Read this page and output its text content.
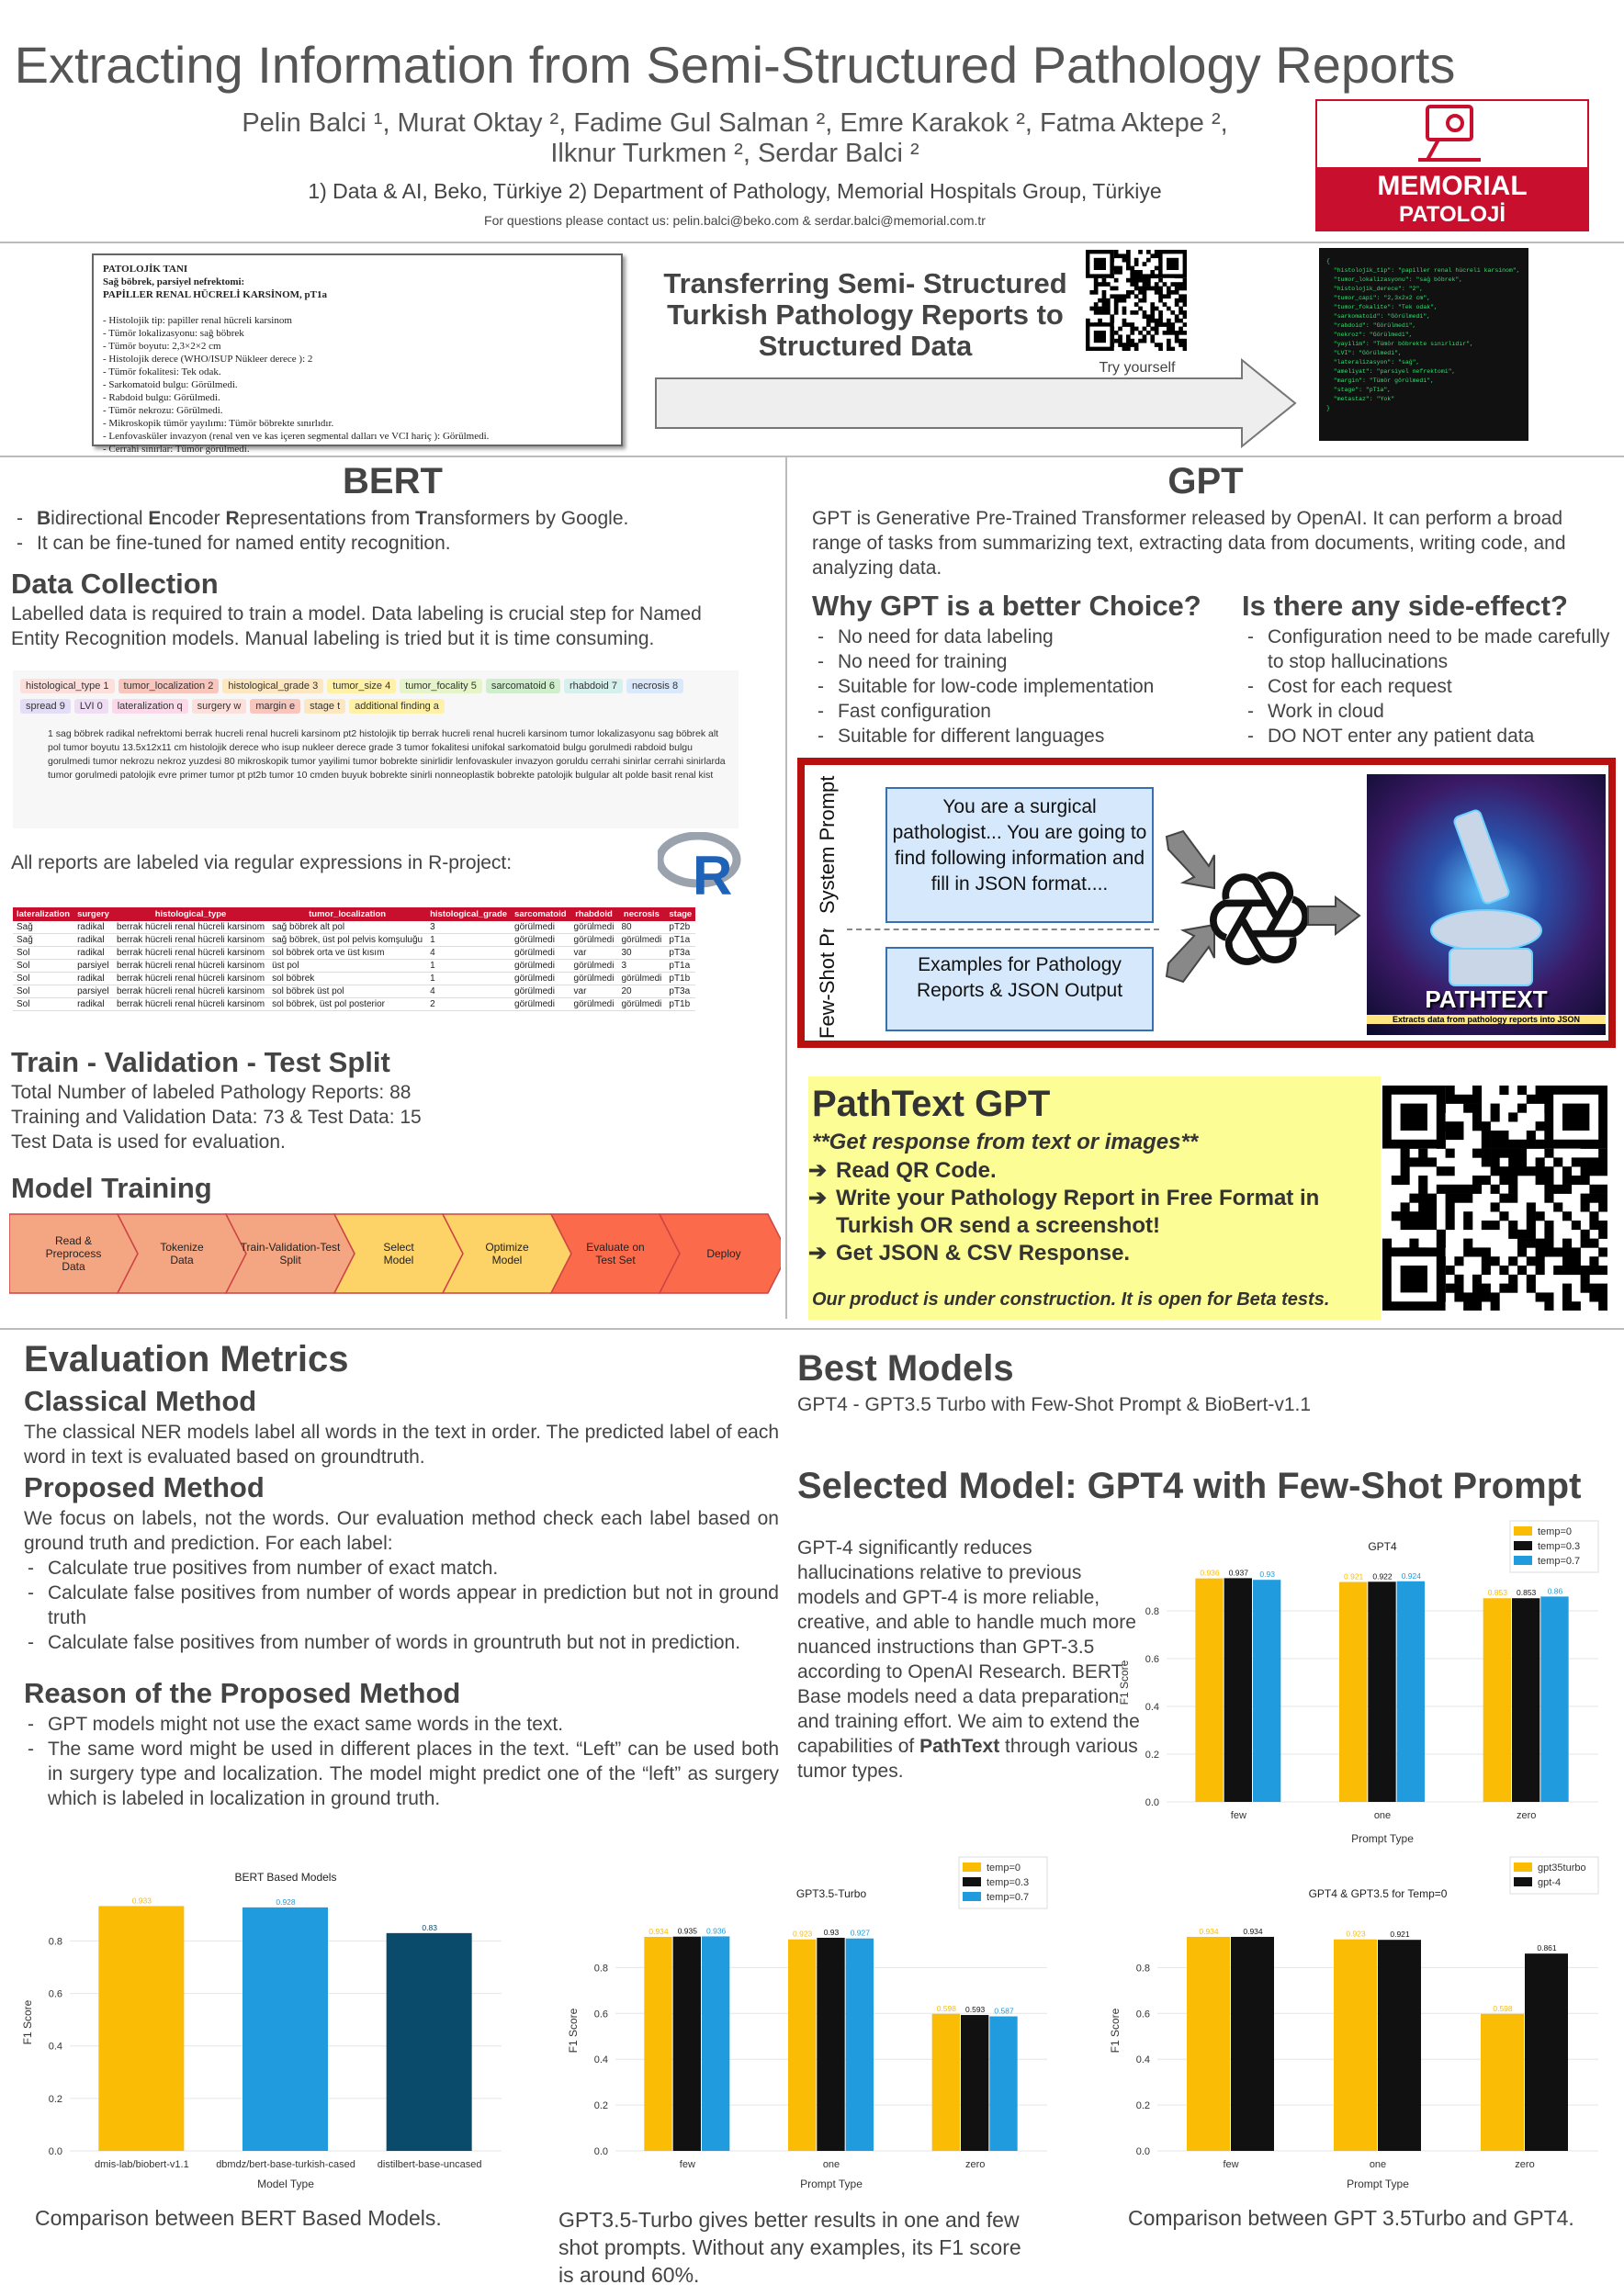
Extracting Information from Semi-Structured Pathology Reports
Pelin Balci ¹, Murat Oktay ², Fadime Gul Salman ², Emre Karakok ², Fatma Aktepe ²,
Ilknur Turkmen ², Serdar Balci ²
1) Data & AI, Beko, Türkiye 2) Department of Pathology, Memorial Hospitals Group, Türkiye
For questions please contact us: pelin.balci@beko.com & serdar.balci@memorial.com.tr
MEMORIAL
PATOLOJİ
PATOLOJİK TANI
Sağ böbrek, parsiyel nefrektomi:
PAPİLLER RENAL HÜCRELİ KARSİNOM, pT1a

- Histolojik tip: papiller renal hücreli karsinom
- Tümör lokalizasyonu: sağ böbrek
- Tümör boyutu: 2,3×2×2 cm
- Histolojik derece (WHO/ISUP Nükleer derece ): 2
- Tümör fokalitesi: Tek odak.
- Sarkomatoid bulgu: Görülmedi.
- Rabdoid bulgu: Görülmedi.
- Tümör nekrozu: Görülmedi.
- Mikroskopik tümör yayılımı: Tümör böbrekte sınırlıdır.
- Lenfovasküler invazyon (renal ven ve kas içeren segmental dalları ve VCI hariç ): Görülmedi.
- Cerrahi sınırlar: Tümör görülmedi.
Transferring Semi- Structured Turkish Pathology Reports to Structured Data
Try yourself
{
"histolojik_tip": "papiller renal hücreli karsinom",
"tumor_lokalizasyonu": "sağ böbrek",
"histolojik_derece": "2",
"tumor_capi": "2,3x2x2 cm",
"tumor_fokalite": "Tek odak",
"sarkomatoid": "Görülmedi",
"rabdoid": "Görülmedi",
"nekroz": "Görülmedi",
"yayilim": "Tümör böbrekte sınırlıdır",
"LVI": "Görülmedi",
"lateralizasyon": "sağ",
"ameliyat": "parsiyel nefrektomi",
"margin": "Tümör görülmedi",
"stage": "pT1a",
"metastaz": "Yok"
}
BERT
- Bidirectional Encoder Representations from Transformers by Google.
- It can be fine-tuned for named entity recognition.
Data Collection
Labelled data is required to train a model. Data labeling is crucial step for Named Entity Recognition models. Manual labeling is tried but it is time consuming.
histological_type 1 tumor_localization 2 histological_grade 3 tumor_size 4 tumor_focality 5 sarcomatoid 6 rhabdoid 7 necrosis 8spread 9 LVI 0 lateralization q surgery w margin e stage t additional finding a
1 sag böbrek radikal nefrektomi berrak hucreli renal hucreli karsinom pt2 histolojik tip berrak hucreli renal hucreli karsinom tumor lokalizasyonu sag böbrek alt pol tumor boyutu 13.5x12x11 cm histolojik derece who isup nukleer derece grade 3 tumor fokalitesi unifokal sarkomatoid bulgu gorulmedi rabdoid bulgu gorulmedi tumor nekrozu nekroz yuzdesi 80 mikroskopik tumor yayilimi tumor bobrekte sinirlidir lenfovaskuler invazyon goruldu cerrahi sinirlar cerrahi sinirlarda tumor gorulmedi patolojik evre primer tumor pt pt2b tumor 10 cmden buyuk bobrekte sinirli nonneoplastik bobrekte patolojik bulgular alt polde basit renal kist
All reports are labeled via regular expressions in R-project:	R
lateralization	surgery	histological_type	tumor_localization	histological_grade	sarcomatoid	rhabdoid	necrosis	stage
Sağ	radikal	berrak hücreli renal hücreli karsinom	sağ böbrek alt pol	3	görülmedi	görülmedi	80	pT2b
Sağ	radikal	berrak hücreli renal hücreli karsinom	sağ böbrek, üst pol pelvis komşuluğu	1	görülmedi	görülmedi	görülmedi	pT1a
Sol	radikal	berrak hücreli renal hücreli karsinom	sol böbrek orta ve üst kısım	4	görülmedi	var	30	pT3a
Sol	parsiyel	berrak hücreli renal hücreli karsinom	üst pol	1	görülmedi	görülmedi	3	pT1a
Sol	radikal	berrak hücreli renal hücreli karsinom	sol böbrek	1	görülmedi	görülmedi	görülmedi	pT1b
Sol	parsiyel	berrak hücreli renal hücreli karsinom	sol böbrek üst pol	4	görülmedi	var	20	pT3a
Sol	radikal	berrak hücreli renal hücreli karsinom	sol böbrek, üst pol posterior	2	görülmedi	görülmedi	görülmedi	pT1b
Train - Validation - Test Split
Total Number of labeled Pathology Reports: 88
Training and Validation Data: 73 & Test Data: 15
Test Data is used for evaluation.
Model Training
Read &
Preprocess
Data
Tokenize
Data
Train-Validation-Test
Split
Select
Model
Optimize
Model
Evaluate on
Test Set	Deploy
GPT
GPT is Generative Pre-Trained Transformer released by OpenAI. It can perform a broad range of tasks from summarizing text, extracting data from documents, writing code, and analyzing data.
Why GPT is a better Choice?
- No need for data labeling
- No need for training
- Suitable for low-code implementation
- Fast configuration
- Suitable for different languages
Is there any side-effect?
- Configuration need to be made carefully to stop hallucinations
- Cost for each request
- Work in cloud
- DO NOT enter any patient data
System Prompt	You are a surgical pathologist... You are going to find following information and fill in JSON format....
Few-Shot Prompt	Examples for Pathology Reports & JSON Output	PATHTEXT
Extracts data from pathology reports into JSON
PathText GPT
**Get response from text or images**
➔ Read QR Code.
➔ Write your Pathology Report in Free Format in Turkish OR send a screenshot!
➔ Get JSON & CSV Response.
Our product is under construction. It is open for Beta tests.
Evaluation Metrics
Classical Method
The classical NER models label all words in the text in order. The predicted label of each word in text is evaluated based on groundtruth.
Proposed Method
We focus on labels, not the words. Our evaluation method check each label based on ground truth and prediction. For each label:
- Calculate true positives from number of exact match.
- Calculate false positives from number of words appear in prediction but not in ground truth
- Calculate false positives from number of words in grountruth but not in prediction.
Reason of the Proposed Method
- GPT models might not use the exact same words in the text.
- The same word might be used in different places in the text. “Left” can be used both in surgery type and localization. The model might predict one of the “left” as surgery which is labeled in localization in ground truth.
Best Models
GPT4 - GPT3.5 Turbo with Few-Shot Prompt & BioBert-v1.1
Selected Model: GPT4 with Few-Shot Prompt
GPT-4 significantly reduces hallucinations relative to previous models and GPT-4 is more reliable, creative, and able to handle much more nuanced instructions than GPT-3.5 according to OpenAI Research. BERT Base models need a data preparation and training effort. We aim to extend the capabilities of PathText through various tumor types.
GPT4
0.0
0.2
0.4
0.6
0.8
F1 Score
Prompt Type
few
0.936 0.937 0.93
one
0.921 0.922 0.924
zero
0.853 0.853 0.86
temp=0
temp=0.3
temp=0.7
BERT Based Models
0.0
0.2
0.4
0.6
0.8
F1 Score
Model Type
dmis-lab/biobert-v1.1
0.933
dbmdz/bert-base-turkish-cased
0.928
distilbert-base-uncased
0.83
GPT3.5-Turbo
0.0
0.2
0.4
0.6
0.8
F1 Score
Prompt Type
few
0.934 0.935 0.936
one
0.923 0.93 0.927
zero
0.598 0.593 0.587
temp=0
temp=0.3
temp=0.7	GPT4 & GPT3.5 for Temp=0
0.0
0.2
0.4
0.6
0.8
F1 Score
Prompt Type
few
0.934	0.934
one
0.923	0.921
zero
0.598
0.861
gpt35turbo
gpt-4
Comparison between BERT Based Models.	GPT3.5-Turbo gives better results in one and few shot prompts. Without any examples, its F1 score is around 60%.
Comparison between GPT 3.5Turbo and GPT4.
